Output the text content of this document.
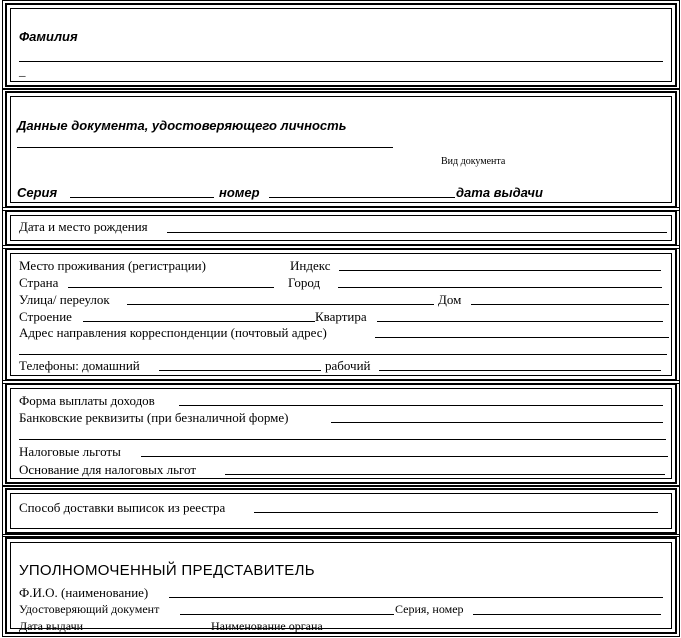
Фамилия
_
Данные документа, удостоверяющего личность
Вид документа
Серия	номер	дата выдачи
Дата и место рождения
Место проживания (регистрации)	Индекс
Страна	Город
Улица/ переулок	Дом
Строение	Квартира
Адрес направления корреспонденции (почтовый адрес)
Телефоны: домашний	рабочий
Форма выплаты доходов
Банковские реквизиты (при безналичной форме)
Налоговые льготы
Основание для налоговых льгот
Способ доставки выписок из реестра
УПОЛНОМОЧЕННЫЙ ПРЕДСТАВИТЕЛЬ
Ф.И.О. (наименование)
Удостоверяющий документ	Серия, номер
Дата выдачи	Наименование органа
